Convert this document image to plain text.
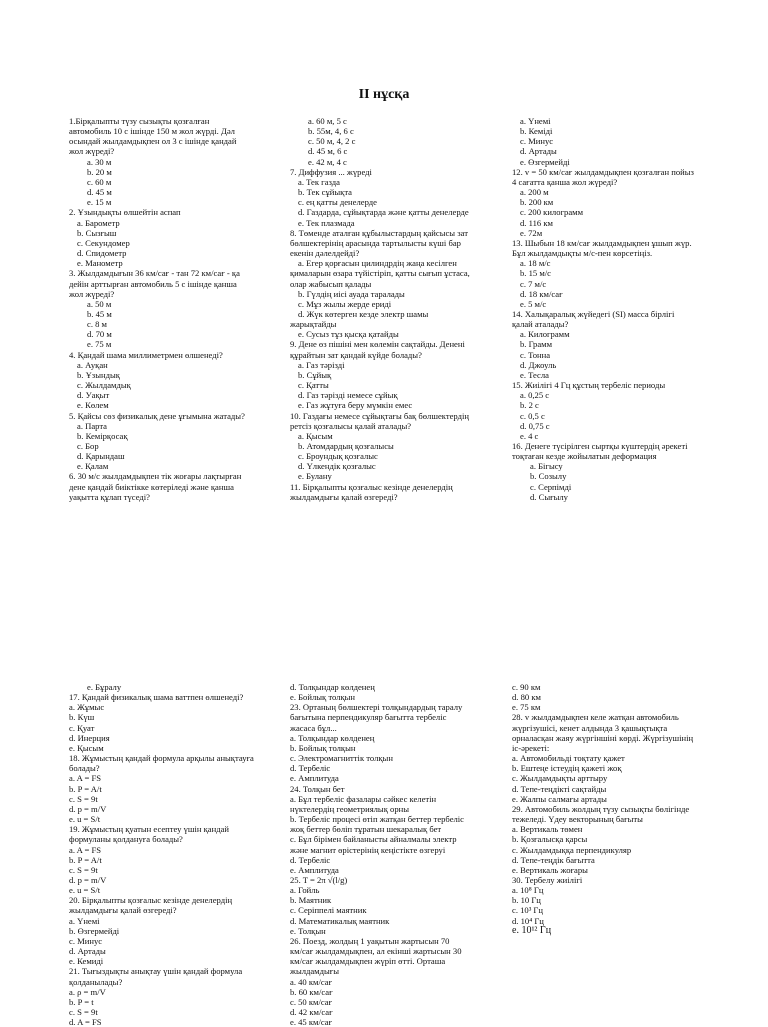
II нұсқа
1.Бірқалыпты түзу сызықты қозғалған
автомобиль 10 с ішінде 150 м жол жүрді. Дәл
осындай жылдамдықпен ол 3 с ішінде қандай
жол жүреді?
a. 30 м
b. 20 м
c. 60 м
d. 45 м
e. 15 м
2. Ұзындықты өлшейтін аспап
a. Барометр
b. Сызғыш
c. Секундомер
d. Спидометр
e. Манометр
3. Жылдамдығын 36 км/сағ - тан 72 км/сағ - қа
дейін арттырған автомобиль 5 с ішінде қанша
жол жүреді?
a. 50 м
b. 45 м
c. 8 м
d. 70 м
e. 75 м
4. Қандай шама миллиметрмен өлшенеді?
a. Ауқан
b. Ұзындық
c. Жылдамдық
d. Уақыт
e. Көлем
5. Қайсы сөз физикалық дене ұғымына жатады?
a. Парта
b. Кемірқосақ
c. Бор
d. Қарындаш
e. Қалам
6. 30 м/с жылдамдықпен тік жоғары лақтырған
дене қандай биіктікке көтеріледі және қанша
уақытта құлап түседі?
a. 60 м, 5 с
b. 55м, 4, 6 с
c. 50 м, 4, 2 с
d. 45 м, 6 с
e. 42 м, 4 с
7. Диффузия ... жүреді
a. Тек газда
b. Тек сұйықта
c. ең қатты денелерде
d. Газдарда, сұйықтарда және қатты денелерде
e. Тек плазмада
8. Төменде аталған құбылыстардың қайсысы зат
бөлшектерінің арасында тартылысты күші бар
екенін дәлелдейді?
a. Егер қорғасын цилиндрдің жаңа кесілген
қималарын өзара түйістіріп, қатты сығып ұстаса,
олар жабысып қалады
b. Гүлдің иісі ауада таралады
c. Мұз жылы жерде ериді
d. Жүк көтерген кезде электр шамы
жарықтайды
e. Сусыз тұз қысқа қатайды
9. Дене өз пішіні мен көлемін сақтайды. Денені
құрайтын зат қандай күйде болады?
a. Газ тәрізді
b. Сұйық
c. Қатты
d. Газ тәрізді немесе сұйық
e. Газ жұтуға беру мүмкін емес
10. Газдағы немесе сұйықтағы бақ бөлшектердің
ретсіз қозғалысы қалай аталады?
a. Қысым
b. Атомдардың қозғалысы
c. Броундық қозғалыс
d. Үлкендік қозғалыс
e. Булану
11. Бірқалыпты қозғалыс кезінде денелердің
жылдамдығы қалай өзгереді?
a. Үнемі
b. Кеміді
c. Минус
d. Артады
e. Өзгермейді
12. v = 50 км/сағ жылдамдықпен қозғалған пойыз
4 сағатта қанша жол жүреді?
a. 200 м
b. 200 км
c. 200 килограмм
d. 116 км
e. 72м
13. Шыбын 18 км/сағ жылдамдықпен ұшып жүр.
Бұл жылдамдықты м/с-пен көрсетіңіз.
a. 18 м/с
b. 15 м/с
c. 7 м/с
d. 18 км/сағ
e. 5 м/с
14. Халықаралық жүйедегі (SI) масса бірлігі
қалай аталады?
a. Килограмм
b. Грамм
c. Тонна
d. Джоуль
e. Тесла
15. Жиілігі 4 Гц құстың тербеліс периоды
a. 0,25 с
b. 2 с
c. 0,5 с
d. 0,75 с
e. 4 с
16. Денеге түсірілген сыртқы күштердің әрекеті
тоқтаған кезде жойылатын деформация
a. Бігысу
b. Созылу
c. Серпімді
d. Сығылу
e. Бұралу
17. Қандай физикалық шама ваттпен өлшенеді?
a. Жұмыс
b. Күш
c. Қуат
d. Инерция
e. Қысым
18. Жұмыстың қандай формула арқылы анықтауға
болады?
a. A = FS
b. P = A/t
c. S = 9t
d. p = m/V
e. u = S/t
19. Жұмыстың қуатын есептеу үшін қандай
формуланы қолдануға болады?
a. A = FS
b. P = A/t
c. S = 9t
d. p = m/V
e. u = S/t
20. Бірқалыпты қозғалыс кезінде денелердің
жылдамдығы қалай өзгереді?
a. Үнемі
b. Өзгермейді
c. Минус
d. Артады
e. Кемиді
21. Тығыздықты анықтау үшін қандай формула
қолданылады?
a. ρ = m/V
b. P = t
c. S = 9t
d. A = FS
d. Толқындар көлденең
e. Бойлық толқын
23. Ортаның бөлшектері толқындардың таралу
бағытына перпендикуляр бағытта тербеліс
жасаса бұл...
a. Толқындар көлденең
b. Бойлық толқын
c. Электромагниттік толқын
d. Тербеліс
e. Амплитуда
24. Толқын бет
a. Бұл тербеліс фазалары сәйкес келетін
нүктелердің геометриялық орны
b. Тербеліс процесі өтіп жатқан беттер тербеліс
жоқ беттер бөліп тұратын шекаралық бет
c. Бұл бірімен байланысты айналмалы электр
және магнит өрістерінің кеңістікте өзгеруі
d. Тербеліс
e. Амплитуда
25. T = 2π √(l/g)
a. Гойль
b. Маятник
c. Серіппелі маятник
d. Математикалық маятник
e. Толқын
26. Поезд, жолдың 1 уақытын жартысын 70
км/сағ жылдамдықпен, ал екінші жартысын 30
км/сағ жылдамдықпен жүріп өтті. Орташа
жылдамдығы
a. 40 км/сағ
b. 60 км/сағ
c. 50 км/сағ
d. 42 км/сағ
e. 45 км/сағ
c. 90 км
d. 80 км
e. 75 км
28. v жылдамдықпен келе жатқан автомобиль
жүргізушісі, кенет алдында 3 қашықтықта
орналасқан жаяу жүргіншіні көрді. Жүргізушінің
іс-әрекеті:
a. Автомобильді тоқтату қажет
b. Ештеңе істеудің қажеті жоқ
c. Жылдамдықты арттыру
d. Тепе-теңдікті сақтайды
e. Жалпы салмағы артады
29. Автомобиль жолдың түзу сызықты бөлігінде
тежеледі. Үдеу векторының бағыты
a. Вертикаль төмен
b. Қозғалысқа қарсы
c. Жылдамдыққа перпендикуляр
d. Тепе-теңдік бағытта
e. Вертикаль жоғары
30. Тербелу жиілігі
a. 10⁸ Гц
b. 10 Гц
c. 10³ Гц
d. 10⁴ Гц
e. 10¹² Гц
